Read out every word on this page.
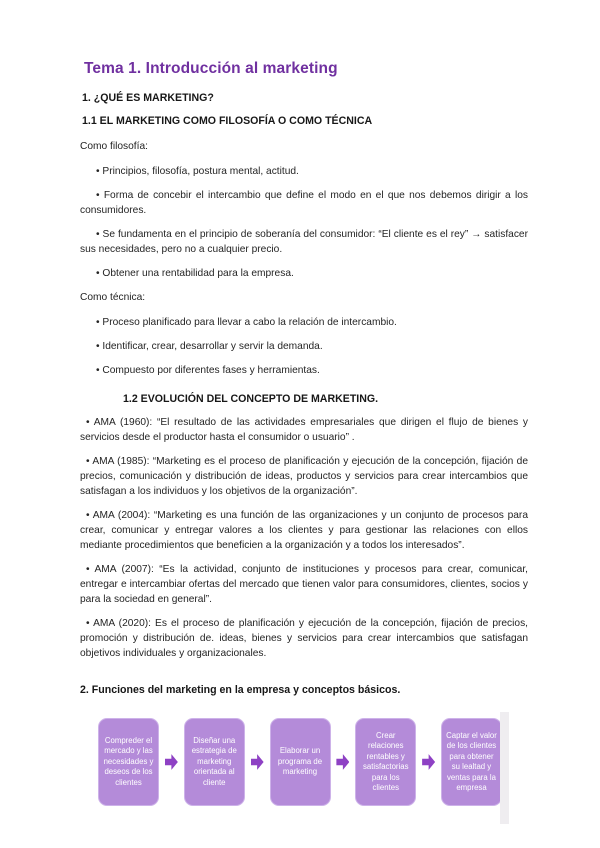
Tema 1. Introducción al marketing
1. ¿QUÉ ES MARKETING?
1.1 EL MARKETING COMO FILOSOFÍA O COMO TÉCNICA

Como filosofía:

• Principios, filosofía, postura mental, actitud.

• Forma de concebir el intercambio que define el modo en el que nos debemos dirigir a los consumidores.

• Se fundamenta en el principio de soberanía del consumidor: “El cliente es el rey” → satisfacer sus necesidades, pero no a cualquier precio.

• Obtener una rentabilidad para la empresa.

Como técnica:

• Proceso planificado para llevar a cabo la relación de intercambio.

• Identificar, crear, desarrollar y servir la demanda.

• Compuesto por diferentes fases y herramientas.

1.2 EVOLUCIÓN DEL CONCEPTO DE MARKETING.

• AMA (1960): “El resultado de las actividades empresariales que dirigen el flujo de bienes y servicios desde el productor hasta el consumidor o usuario” .

• AMA (1985): “Marketing es el proceso de planificación y ejecución de la concepción, fijación de precios, comunicación y distribución de ideas, productos y servicios para crear intercambios que satisfagan a los individuos y los objetivos de la organización”.

• AMA (2004): “Marketing es una función de las organizaciones y un conjunto de procesos para crear, comunicar y entregar valores a los clientes y para gestionar las relaciones con ellos mediante procedimientos que beneficien a la organización y a todos los interesados”.

• AMA (2007): “Es la actividad, conjunto de instituciones y procesos para crear, comunicar, entregar e intercambiar ofertas del mercado que tienen valor para consumidores, clientes, socios y para la sociedad en general”.

• AMA (2020): Es el proceso de planificación y ejecución de la concepción, fijación de precios, promoción y distribución de. ideas, bienes y servicios para crear intercambios que satisfagan objetivos individuales y organizacionales.

2. Funciones del marketing en la empresa y conceptos básicos.
Compreder el mercado y las necesidades y deseos de los clientes
Diseñar una estrategia de marketing orientada al cliente
Elaborar un programa de marketing
Crear relaciones rentables y satisfactorias para los clientes
Captar el valor de los clientes para obtener su lealtad y ventas para la empresa
